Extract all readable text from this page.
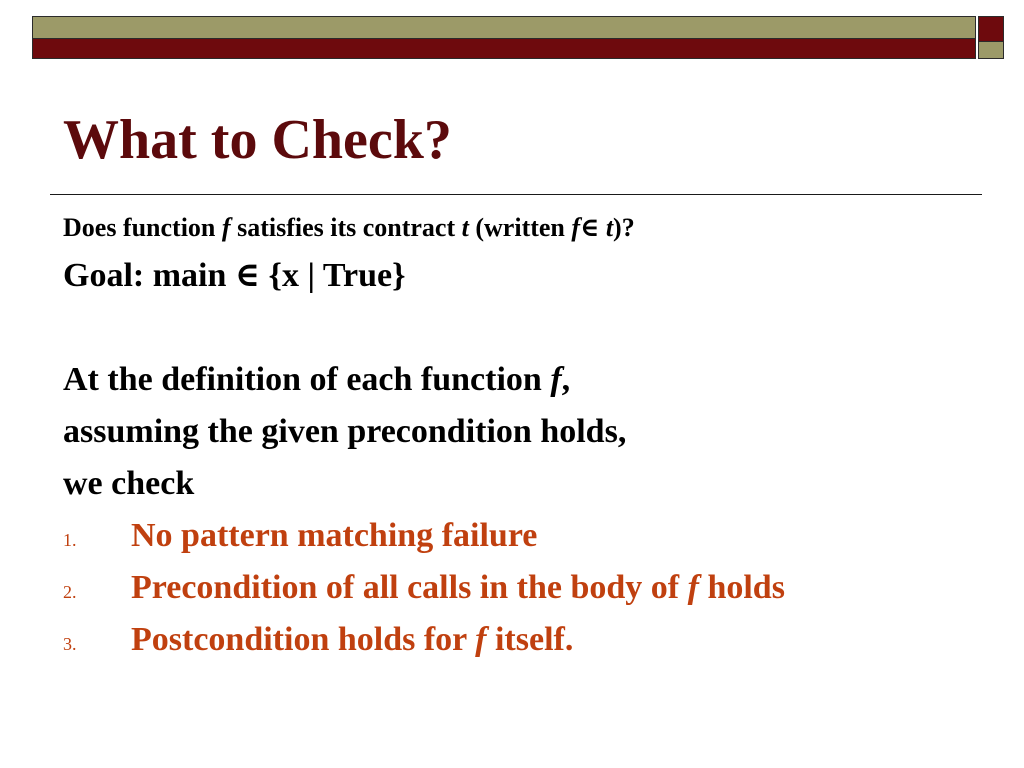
What to Check?
Does function f satisfies its contract t (written f∈ t)?
Goal: main ∈ {x | True}
At the definition of each function f,
assuming the given precondition holds,
we check
1. No pattern matching failure
2. Precondition of all calls in the body of f holds
3. Postcondition holds for f itself.
